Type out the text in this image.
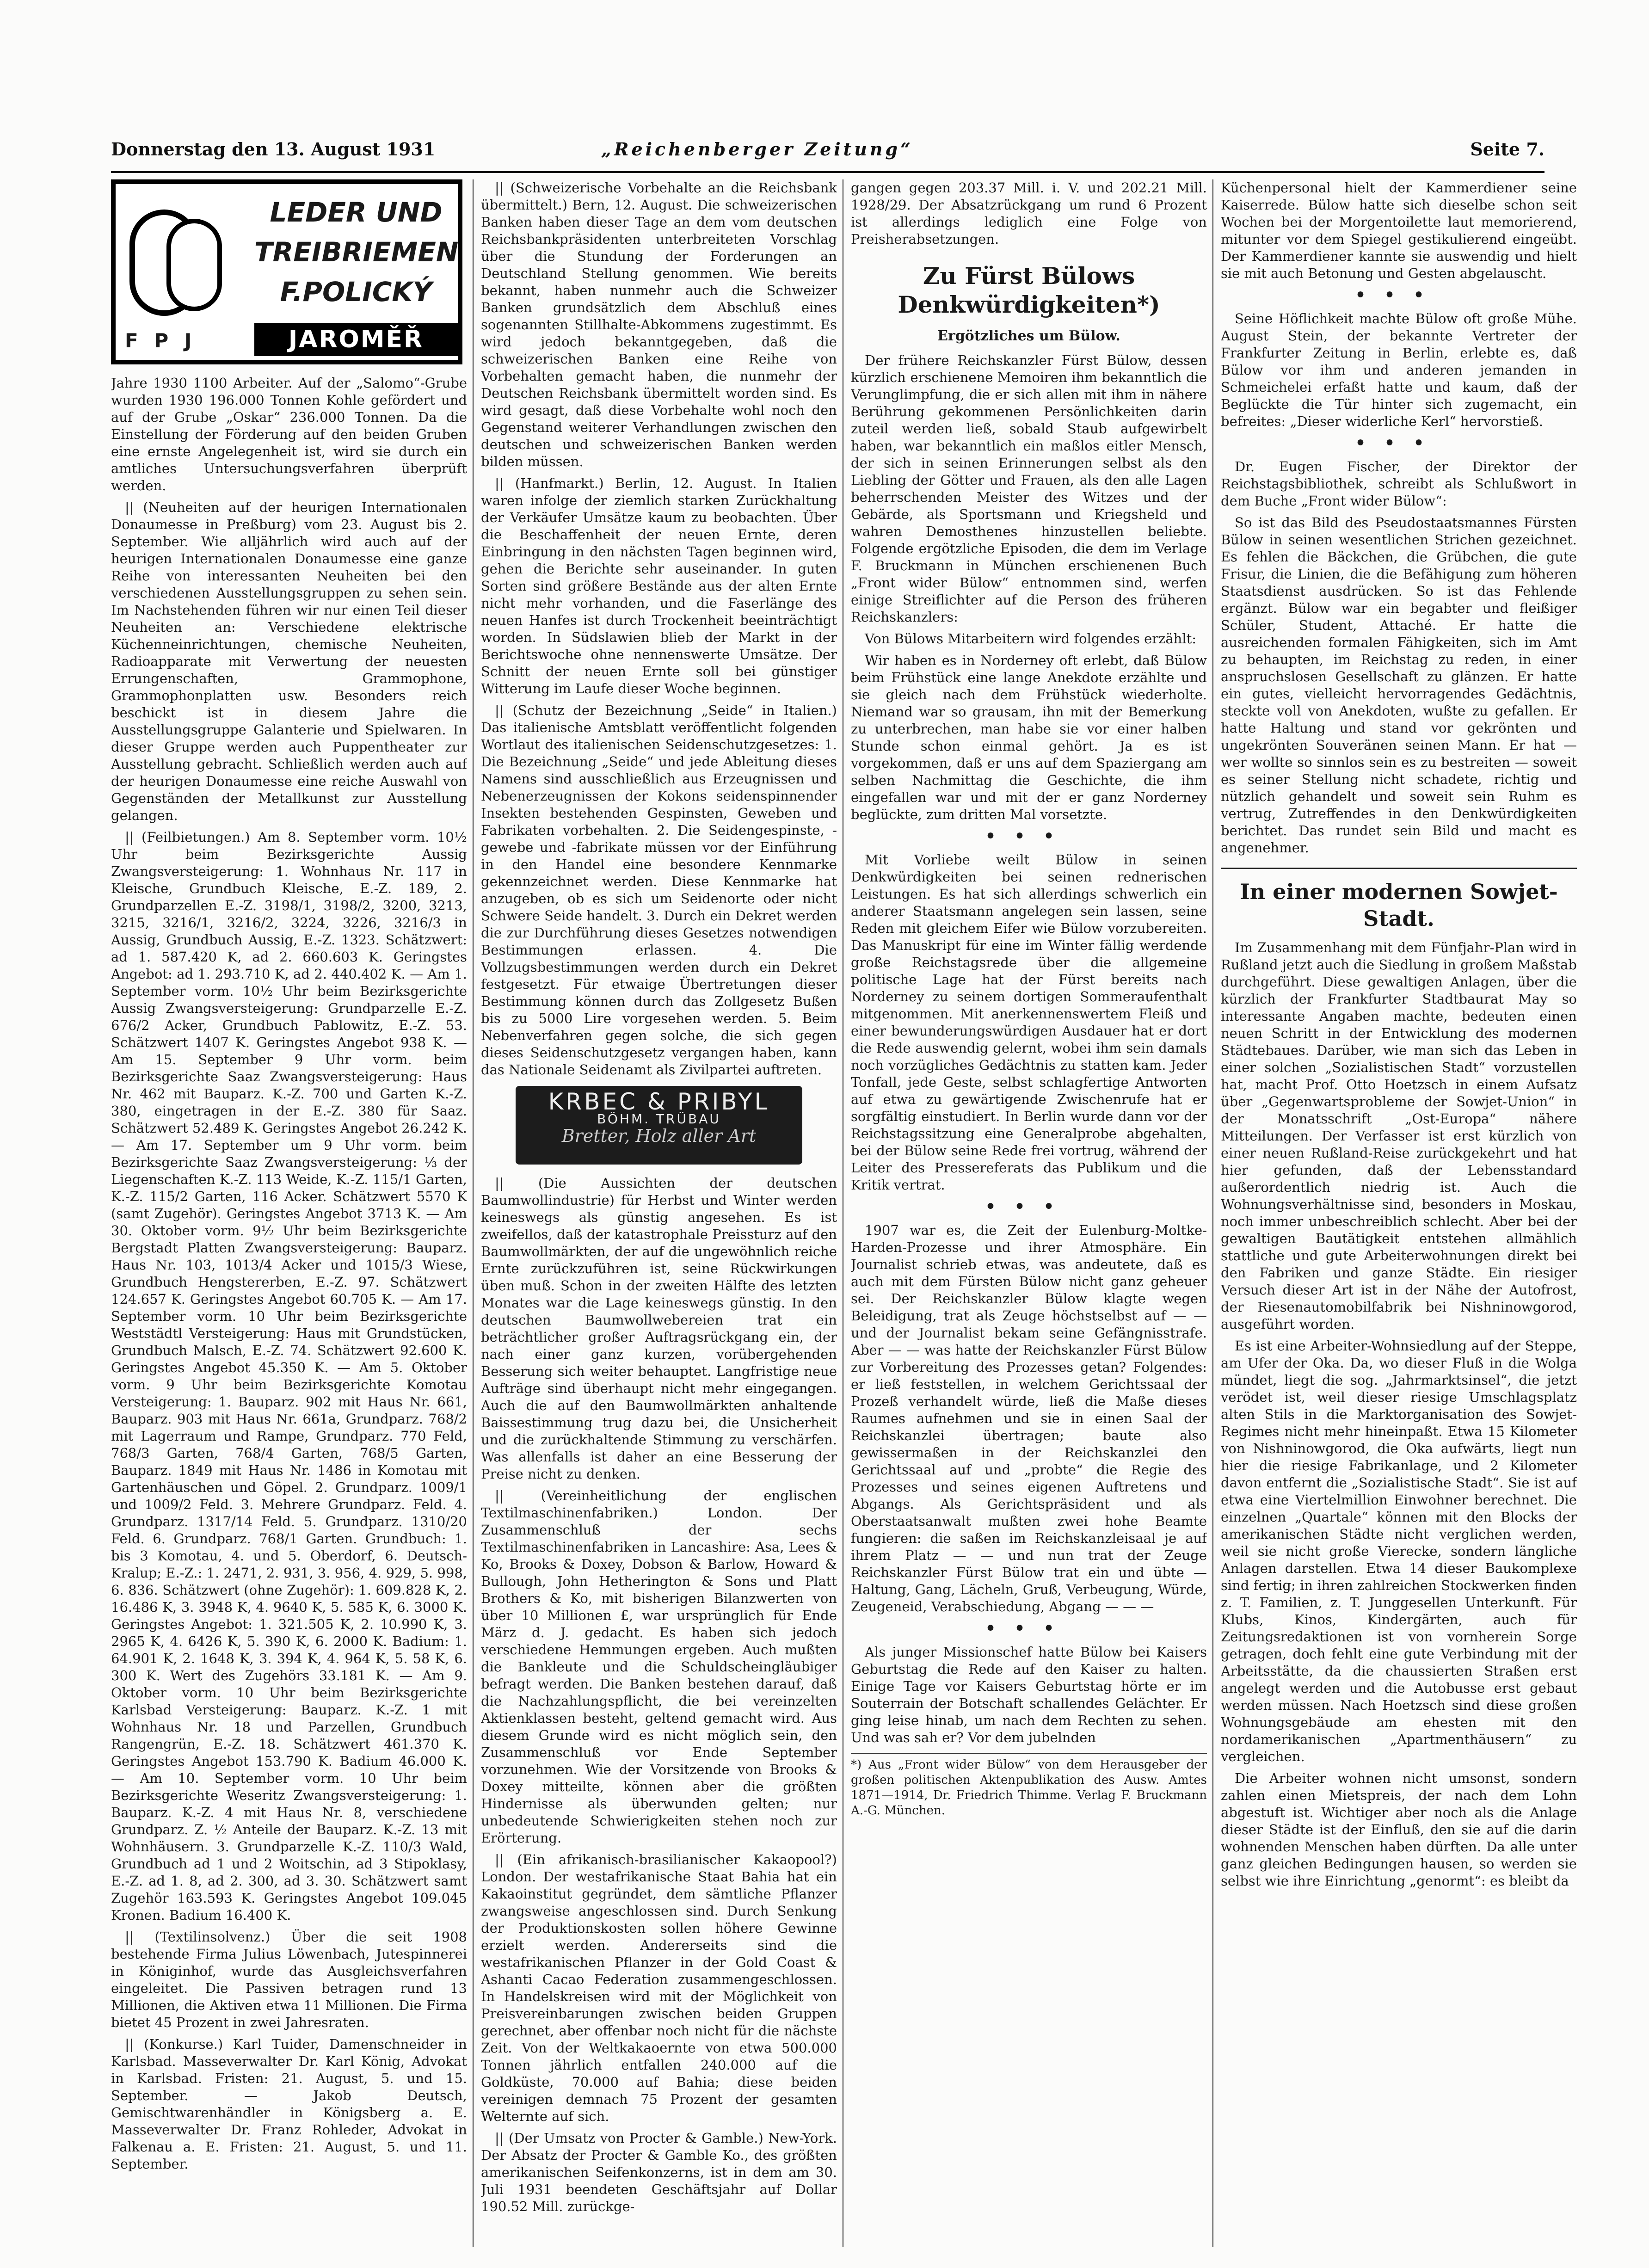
Donnerstag den 13. August 1931	„Reichenberger Zeitung“	Seite 7.
F P J
LEDER UND
TREIBRIEMEN
F.POLICKÝ
JAROMĚŘ

Jahre 1930 1100 Arbeiter. Auf der „Salomo“-Grube wurden 1930 196.000 Tonnen Kohle gefördert und auf der Grube „Oskar“ 236.000 Tonnen. Da die Einstellung der Förderung auf den beiden Gruben eine ernste Angelegenheit ist, wird sie durch ein amtliches Untersuchungsverfahren überprüft werden.

|| (Neuheiten auf der heurigen Internationalen Donaumesse in Preßburg) vom 23. August bis 2. September. Wie alljährlich wird auch auf der heurigen Internationalen Donaumesse eine ganze Reihe von interessanten Neuheiten bei den verschiedenen Ausstellungsgruppen zu sehen sein. Im Nachstehenden führen wir nur einen Teil dieser Neuheiten an: Verschiedene elektrische Küchenneinrichtungen, chemische Neuheiten, Radioapparate mit Verwertung der neuesten Errungenschaften, Grammophone, Grammophonplatten usw. Besonders reich beschickt ist in diesem Jahre die Ausstellungsgruppe Galanterie und Spielwaren. In dieser Gruppe werden auch Puppentheater zur Ausstellung gebracht. Schließlich werden auch auf der heurigen Donaumesse eine reiche Auswahl von Gegenständen der Metallkunst zur Ausstellung gelangen.

|| (Feilbietungen.) Am 8. September vorm. 10½ Uhr beim Bezirksgerichte Aussig Zwangsversteigerung: 1. Wohnhaus Nr. 117 in Kleische, Grundbuch Kleische, E.-Z. 189, 2. Grundparzellen E.-Z. 3198/1, 3198/2, 3200, 3213, 3215, 3216/1, 3216/2, 3224, 3226, 3216/3 in Aussig, Grundbuch Aussig, E.-Z. 1323. Schätzwert: ad 1. 587.420 K, ad 2. 660.603 K. Geringstes Angebot: ad 1. 293.710 K, ad 2. 440.402 K. — Am 1. September vorm. 10½ Uhr beim Bezirksgerichte Aussig Zwangsversteigerung: Grundparzelle E.-Z. 676/2 Acker, Grundbuch Pablowitz, E.-Z. 53. Schätzwert 1407 K. Geringstes Angebot 938 K. — Am 15. September 9 Uhr vorm. beim Bezirksgerichte Saaz Zwangsversteigerung: Haus Nr. 462 mit Bauparz. K.-Z. 700 und Garten K.-Z. 380, eingetragen in der E.-Z. 380 für Saaz. Schätzwert 52.489 K. Geringstes Angebot 26.242 K. — Am 17. September um 9 Uhr vorm. beim Bezirksgerichte Saaz Zwangsversteigerung: ⅓ der Liegenschaften K.-Z. 113 Weide, K.-Z. 115/1 Garten, K.-Z. 115/2 Garten, 116 Acker. Schätzwert 5570 K (samt Zugehör). Geringstes Angebot 3713 K. — Am 30. Oktober vorm. 9½ Uhr beim Bezirksgerichte Bergstadt Platten Zwangsversteigerung: Bauparz. Haus Nr. 103, 1013/4 Acker und 1015/3 Wiese, Grundbuch Hengstererben, E.-Z. 97. Schätzwert 124.657 K. Geringstes Angebot 60.705 K. — Am 17. September vorm. 10 Uhr beim Bezirksgerichte Weststädtl Versteigerung: Haus mit Grundstücken, Grundbuch Malsch, E.-Z. 74. Schätzwert 92.600 K. Geringstes Angebot 45.350 K. — Am 5. Oktober vorm. 9 Uhr beim Bezirksgerichte Komotau Versteigerung: 1. Bauparz. 902 mit Haus Nr. 661, Bauparz. 903 mit Haus Nr. 661a, Grundparz. 768/2 mit Lagerraum und Rampe, Grundparz. 770 Feld, 768/3 Garten, 768/4 Garten, 768/5 Garten, Bauparz. 1849 mit Haus Nr. 1486 in Komotau mit Gartenhäuschen und Göpel. 2. Grundparz. 1009/1 und 1009/2 Feld. 3. Mehrere Grundparz. Feld. 4. Grundparz. 1317/14 Feld. 5. Grundparz. 1310/20 Feld. 6. Grundparz. 768/1 Garten. Grundbuch: 1. bis 3 Komotau, 4. und 5. Oberdorf, 6. Deutsch-Kralup; E.-Z.: 1. 2471, 2. 931, 3. 956, 4. 929, 5. 998, 6. 836. Schätzwert (ohne Zugehör): 1. 609.828 K, 2. 16.486 K, 3. 3948 K, 4. 9640 K, 5. 585 K, 6. 3000 K. Geringstes Angebot: 1. 321.505 K, 2. 10.990 K, 3. 2965 K, 4. 6426 K, 5. 390 K, 6. 2000 K. Badium: 1. 64.901 K, 2. 1648 K, 3. 394 K, 4. 964 K, 5. 58 K, 6. 300 K. Wert des Zugehörs 33.181 K. — Am 9. Oktober vorm. 10 Uhr beim Bezirksgerichte Karlsbad Versteigerung: Bauparz. K.-Z. 1 mit Wohnhaus Nr. 18 und Parzellen, Grundbuch Rangengrün, E.-Z. 18. Schätzwert 461.370 K. Geringstes Angebot 153.790 K. Badium 46.000 K. — Am 10. September vorm. 10 Uhr beim Bezirksgerichte Weseritz Zwangsversteigerung: 1. Bauparz. K.-Z. 4 mit Haus Nr. 8, verschiedene Grundparz. Z. ½ Anteile der Bauparz. K.-Z. 13 mit Wohnhäusern. 3. Grundparzelle K.-Z. 110/3 Wald, Grundbuch ad 1 und 2 Woitschin, ad 3 Stipoklasy, E.-Z. ad 1. 8, ad 2. 300, ad 3. 30. Schätzwert samt Zugehör 163.593 K. Geringstes Angebot 109.045 Kronen. Badium 16.400 K.

|| (Textilinsolvenz.) Über die seit 1908 bestehende Firma Julius Löwenbach, Jutespinnerei in Königinhof, wurde das Ausgleichsverfahren eingeleitet. Die Passiven betragen rund 13 Millionen, die Aktiven etwa 11 Millionen. Die Firma bietet 45 Prozent in zwei Jahresraten.

|| (Konkurse.) Karl Tuider, Damenschneider in Karlsbad. Masseverwalter Dr. Karl König, Advokat in Karlsbad. Fristen: 21. August, 5. und 15. September. — Jakob Deutsch, Gemischtwarenhändler in Königsberg a. E. Masseverwalter Dr. Franz Rohleder, Advokat in Falkenau a. E. Fristen: 21. August, 5. und 11. September.

|| (Schweizerische Vorbehalte an die Reichsbank übermittelt.) Bern, 12. August. Die schweizerischen Banken haben dieser Tage an dem vom deutschen Reichsbankpräsidenten unterbreiteten Vorschlag über die Stundung der Forderungen an Deutschland Stellung genommen. Wie bereits bekannt, haben nunmehr auch die Schweizer Banken grundsätzlich dem Abschluß eines sogenannten Stillhalte-Abkommens zugestimmt. Es wird jedoch bekanntgegeben, daß die schweizerischen Banken eine Reihe von Vorbehalten gemacht haben, die nunmehr der Deutschen Reichsbank übermittelt worden sind. Es wird gesagt, daß diese Vorbehalte wohl noch den Gegenstand weiterer Verhandlungen zwischen den deutschen und schweizerischen Banken werden bilden müssen.

|| (Hanfmarkt.) Berlin, 12. August. In Italien waren infolge der ziemlich starken Zurückhaltung der Verkäufer Umsätze kaum zu beobachten. Über die Beschaffenheit der neuen Ernte, deren Einbringung in den nächsten Tagen beginnen wird, gehen die Berichte sehr auseinander. In guten Sorten sind größere Bestände aus der alten Ernte nicht mehr vorhanden, und die Faserlänge des neuen Hanfes ist durch Trockenheit beeinträchtigt worden. In Südslawien blieb der Markt in der Berichtswoche ohne nennenswerte Umsätze. Der Schnitt der neuen Ernte soll bei günstiger Witterung im Laufe dieser Woche beginnen.

|| (Schutz der Bezeichnung „Seide“ in Italien.) Das italienische Amtsblatt veröffentlicht folgenden Wortlaut des italienischen Seidenschutzgesetzes: 1. Die Bezeichnung „Seide“ und jede Ableitung dieses Namens sind ausschließlich aus Erzeugnissen und Nebenerzeugnissen der Kokons seidenspinnender Insekten bestehenden Gespinsten, Geweben und Fabrikaten vorbehalten. 2. Die Seidengespinste, -gewebe und -fabrikate müssen vor der Einführung in den Handel eine besondere Kennmarke gekennzeichnet werden. Diese Kennmarke hat anzugeben, ob es sich um Seidenorte oder nicht Schwere Seide handelt. 3. Durch ein Dekret werden die zur Durchführung dieses Gesetzes notwendigen Bestimmungen erlassen. 4. Die Vollzugsbestimmungen werden durch ein Dekret festgesetzt. Für etwaige Übertretungen dieser Bestimmung können durch das Zollgesetz Bußen bis zu 5000 Lire vorgesehen werden. 5. Beim Nebenverfahren gegen solche, die sich gegen dieses Seidenschutzgesetz vergangen haben, kann das Nationale Seidenamt als Zivilpartei auftreten.

KRBEC & PRIBYL
BÖHM. TRÜBAU
Bretter, Holz aller Art

|| (Die Aussichten der deutschen Baumwollindustrie) für Herbst und Winter werden keineswegs als günstig angesehen. Es ist zweifellos, daß der katastrophale Preissturz auf den Baumwollmärkten, der auf die ungewöhnlich reiche Ernte zurückzuführen ist, seine Rückwirkungen üben muß. Schon in der zweiten Hälfte des letzten Monates war die Lage keineswegs günstig. In den deutschen Baumwollwebereien trat ein beträchtlicher großer Auftragsrückgang ein, der nach einer ganz kurzen, vorübergehenden Besserung sich weiter behauptet. Langfristige neue Aufträge sind überhaupt nicht mehr eingegangen. Auch die auf den Baumwollmärkten anhaltende Baissestimmung trug dazu bei, die Unsicherheit und die zurückhaltende Stimmung zu verschärfen. Was allenfalls ist daher an eine Besserung der Preise nicht zu denken.

|| (Vereinheitlichung der englischen Textilmaschinenfabriken.) London. Der Zusammenschluß der sechs Textilmaschinenfabriken in Lancashire: Asa, Lees & Ko, Brooks & Doxey, Dobson & Barlow, Howard & Bullough, John Hetherington & Sons und Platt Brothers & Ko, mit bisherigen Bilanzwerten von über 10 Millionen £, war ursprünglich für Ende März d. J. gedacht. Es haben sich jedoch verschiedene Hemmungen ergeben. Auch mußten die Bankleute und die Schuldscheingläubiger befragt werden. Die Banken bestehen darauf, daß die Nachzahlungspflicht, die bei vereinzelten Aktienklassen besteht, geltend gemacht wird. Aus diesem Grunde wird es nicht möglich sein, den Zusammenschluß vor Ende September vorzunehmen. Wie der Vorsitzende von Brooks & Doxey mitteilte, können aber die größten Hindernisse als überwunden gelten; nur unbedeutende Schwierigkeiten stehen noch zur Erörterung.

|| (Ein afrikanisch-brasilianischer Kakaopool?) London. Der westafrikanische Staat Bahia hat ein Kakaoinstitut gegründet, dem sämtliche Pflanzer zwangsweise angeschlossen sind. Durch Senkung der Produktionskosten sollen höhere Gewinne erzielt werden. Andererseits sind die westafrikanischen Pflanzer in der Gold Coast & Ashanti Cacao Federation zusammengeschlossen. In Handelskreisen wird mit der Möglichkeit von Preisvereinbarungen zwischen beiden Gruppen gerechnet, aber offenbar noch nicht für die nächste Zeit. Von der Weltkakaoernte von etwa 500.000 Tonnen jährlich entfallen 240.000 auf die Goldküste, 70.000 auf Bahia; diese beiden vereinigen demnach 75 Prozent der gesamten Welternte auf sich.

|| (Der Umsatz von Procter & Gamble.) New-York. Der Absatz der Procter & Gamble Ko., des größten amerikanischen Seifenkonzerns, ist in dem am 30. Juli 1931 beendeten Geschäftsjahr auf Dollar 190.52 Mill. zurückge-

gangen gegen 203.37 Mill. i. V. und 202.21 Mill. 1928/29. Der Absatzrückgang um rund 6 Prozent ist allerdings lediglich eine Folge von Preisherabsetzungen.

Zu Fürst Bülows Denkwürdigkeiten*)
Ergötzliches um Bülow.

Der frühere Reichskanzler Fürst Bülow, dessen kürzlich erschienene Memoiren ihm bekanntlich die Verunglimpfung, die er sich allen mit ihm in nähere Berührung gekommenen Persönlichkeiten darin zuteil werden ließ, sobald Staub aufgewirbelt haben, war bekanntlich ein maßlos eitler Mensch, der sich in seinen Erinnerungen selbst als den Liebling der Götter und Frauen, als den alle Lagen beherrschenden Meister des Witzes und der Gebärde, als Sportsmann und Kriegsheld und wahren Demosthenes hinzustellen beliebte. Folgende ergötzliche Episoden, die dem im Verlage F. Bruckmann in München erschienenen Buch „Front wider Bülow“ entnommen sind, werfen einige Streiflichter auf die Person des früheren Reichskanzlers:

Von Bülows Mitarbeitern wird folgendes erzählt:

Wir haben es in Norderney oft erlebt, daß Bülow beim Frühstück eine lange Anekdote erzählte und sie gleich nach dem Frühstück wiederholte. Niemand war so grausam, ihn mit der Bemerkung zu unterbrechen, man habe sie vor einer halben Stunde schon einmal gehört. Ja es ist vorgekommen, daß er uns auf dem Spaziergang am selben Nachmittag die Geschichte, die ihm eingefallen war und mit der er ganz Norderney beglückte, zum dritten Mal vorsetzte.

•••

Mit Vorliebe weilt Bülow in seinen Denkwürdigkeiten bei seinen rednerischen Leistungen. Es hat sich allerdings schwerlich ein anderer Staatsmann angelegen sein lassen, seine Reden mit gleichem Eifer wie Bülow vorzubereiten. Das Manuskript für eine im Winter fällig werdende große Reichstagsrede über die allgemeine politische Lage hat der Fürst bereits nach Norderney zu seinem dortigen Sommeraufenthalt mitgenommen. Mit anerkennenswertem Fleiß und einer bewunderungswürdigen Ausdauer hat er dort die Rede auswendig gelernt, wobei ihm sein damals noch vorzügliches Gedächtnis zu statten kam. Jeder Tonfall, jede Geste, selbst schlagfertige Antworten auf etwa zu gewärtigende Zwischenrufe hat er sorgfältig einstudiert. In Berlin wurde dann vor der Reichstagssitzung eine Generalprobe abgehalten, bei der Bülow seine Rede frei vortrug, während der Leiter des Pressereferats das Publikum und die Kritik vertrat.

•••

1907 war es, die Zeit der Eulenburg-Moltke-Harden-Prozesse und ihrer Atmosphäre. Ein Journalist schrieb etwas, was andeutete, daß es auch mit dem Fürsten Bülow nicht ganz geheuer sei. Der Reichskanzler Bülow klagte wegen Beleidigung, trat als Zeuge höchstselbst auf — — und der Journalist bekam seine Gefängnisstrafe. Aber — — was hatte der Reichskanzler Fürst Bülow zur Vorbereitung des Prozesses getan? Folgendes: er ließ feststellen, in welchem Gerichtssaal der Prozeß verhandelt würde, ließ die Maße dieses Raumes aufnehmen und sie in einen Saal der Reichskanzlei übertragen; baute also gewissermaßen in der Reichskanzlei den Gerichtssaal auf und „probte“ die Regie des Prozesses und seines eigenen Auftretens und Abgangs. Als Gerichtspräsident und als Oberstaatsanwalt mußten zwei hohe Beamte fungieren: die saßen im Reichskanzleisaal je auf ihrem Platz — — und nun trat der Zeuge Reichskanzler Fürst Bülow trat ein und übte — Haltung, Gang, Lächeln, Gruß, Verbeugung, Würde, Zeugeneid, Verabschiedung, Abgang — — —

•••

Als junger Missionschef hatte Bülow bei Kaisers Geburtstag die Rede auf den Kaiser zu halten. Einige Tage vor Kaisers Geburtstag hörte er im Souterrain der Botschaft schallendes Gelächter. Er ging leise hinab, um nach dem Rechten zu sehen. Und was sah er? Vor dem jubelnden

*) Aus „Front wider Bülow“ von dem Herausgeber der großen politischen Aktenpublikation des Ausw. Amtes 1871—1914, Dr. Friedrich Thimme. Verlag F. Bruckmann A.-G. München.

Küchenpersonal hielt der Kammerdiener seine Kaiserrede. Bülow hatte sich dieselbe schon seit Wochen bei der Morgentoilette laut memorierend, mitunter vor dem Spiegel gestikulierend eingeübt. Der Kammerdiener kannte sie auswendig und hielt sie mit auch Betonung und Gesten abgelauscht.

•••

Seine Höflichkeit machte Bülow oft große Mühe. August Stein, der bekannte Vertreter der Frankfurter Zeitung in Berlin, erlebte es, daß Bülow vor ihm und anderen jemanden in Schmeichelei erfaßt hatte und kaum, daß der Beglückte die Tür hinter sich zugemacht, ein befreites: „Dieser widerliche Kerl“ hervorstieß.

•••

Dr. Eugen Fischer, der Direktor der Reichstagsbibliothek, schreibt als Schlußwort in dem Buche „Front wider Bülow“:

So ist das Bild des Pseudostaatsmannes Fürsten Bülow in seinen wesentlichen Strichen gezeichnet. Es fehlen die Bäckchen, die Grübchen, die gute Frisur, die Linien, die die Befähigung zum höheren Staatsdienst ausdrücken. So ist das Fehlende ergänzt. Bülow war ein begabter und fleißiger Schüler, Student, Attaché. Er hatte die ausreichenden formalen Fähigkeiten, sich im Amt zu behaupten, im Reichstag zu reden, in einer anspruchslosen Gesellschaft zu glänzen. Er hatte ein gutes, vielleicht hervorragendes Gedächtnis, steckte voll von Anekdoten, wußte zu gefallen. Er hatte Haltung und stand vor gekrönten und ungekrönten Souveränen seinen Mann. Er hat — wer wollte so sinnlos sein es zu bestreiten — soweit es seiner Stellung nicht schadete, richtig und nützlich gehandelt und soweit sein Ruhm es vertrug, Zutreffendes in den Denkwürdigkeiten berichtet. Das rundet sein Bild und macht es angenehmer.

In einer modernen Sowjet-Stadt.

Im Zusammenhang mit dem Fünfjahr-Plan wird in Rußland jetzt auch die Siedlung in großem Maßstab durchgeführt. Diese gewaltigen Anlagen, über die kürzlich der Frankfurter Stadtbaurat May so interessante Angaben machte, bedeuten einen neuen Schritt in der Entwicklung des modernen Städtebaues. Darüber, wie man sich das Leben in einer solchen „Sozialistischen Stadt“ vorzustellen hat, macht Prof. Otto Hoetzsch in einem Aufsatz über „Gegenwartsprobleme der Sowjet-Union“ in der Monatsschrift „Ost-Europa“ nähere Mitteilungen. Der Verfasser ist erst kürzlich von einer neuen Rußland-Reise zurückgekehrt und hat hier gefunden, daß der Lebensstandard außerordentlich niedrig ist. Auch die Wohnungsverhältnisse sind, besonders in Moskau, noch immer unbeschreiblich schlecht. Aber bei der gewaltigen Bautätigkeit entstehen allmählich stattliche und gute Arbeiterwohnungen direkt bei den Fabriken und ganze Städte. Ein riesiger Versuch dieser Art ist in der Nähe der Autofrost, der Riesenautomobilfabrik bei Nishninowgorod, ausgeführt worden.

Es ist eine Arbeiter-Wohnsiedlung auf der Steppe, am Ufer der Oka. Da, wo dieser Fluß in die Wolga mündet, liegt die sog. „Jahrmarktsinsel“, die jetzt verödet ist, weil dieser riesige Umschlagsplatz alten Stils in die Marktorganisation des Sowjet-Regimes nicht mehr hineinpaßt. Etwa 15 Kilometer von Nishninowgorod, die Oka aufwärts, liegt nun hier die riesige Fabrikanlage, und 2 Kilometer davon entfernt die „Sozialistische Stadt“. Sie ist auf etwa eine Viertelmillion Einwohner berechnet. Die einzelnen „Quartale“ können mit den Blocks der amerikanischen Städte nicht verglichen werden, weil sie nicht große Vierecke, sondern längliche Anlagen darstellen. Etwa 14 dieser Baukomplexe sind fertig; in ihren zahlreichen Stockwerken finden z. T. Familien, z. T. Junggesellen Unterkunft. Für Klubs, Kinos, Kindergärten, auch für Zeitungsredaktionen ist von vornherein Sorge getragen, doch fehlt eine gute Verbindung mit der Arbeitsstätte, da die chaussierten Straßen erst angelegt werden und die Autobusse erst gebaut werden müssen. Nach Hoetzsch sind diese großen Wohnungsgebäude am ehesten mit den nordamerikanischen „Apartmenthäusern“ zu vergleichen.

Die Arbeiter wohnen nicht umsonst, sondern zahlen einen Mietspreis, der nach dem Lohn abgestuft ist. Wichtiger aber noch als die Anlage dieser Städte ist der Einfluß, den sie auf die darin wohnenden Menschen haben dürften. Da alle unter ganz gleichen Bedingungen hausen, so werden sie selbst wie ihre Einrichtung „genormt“: es bleibt da
